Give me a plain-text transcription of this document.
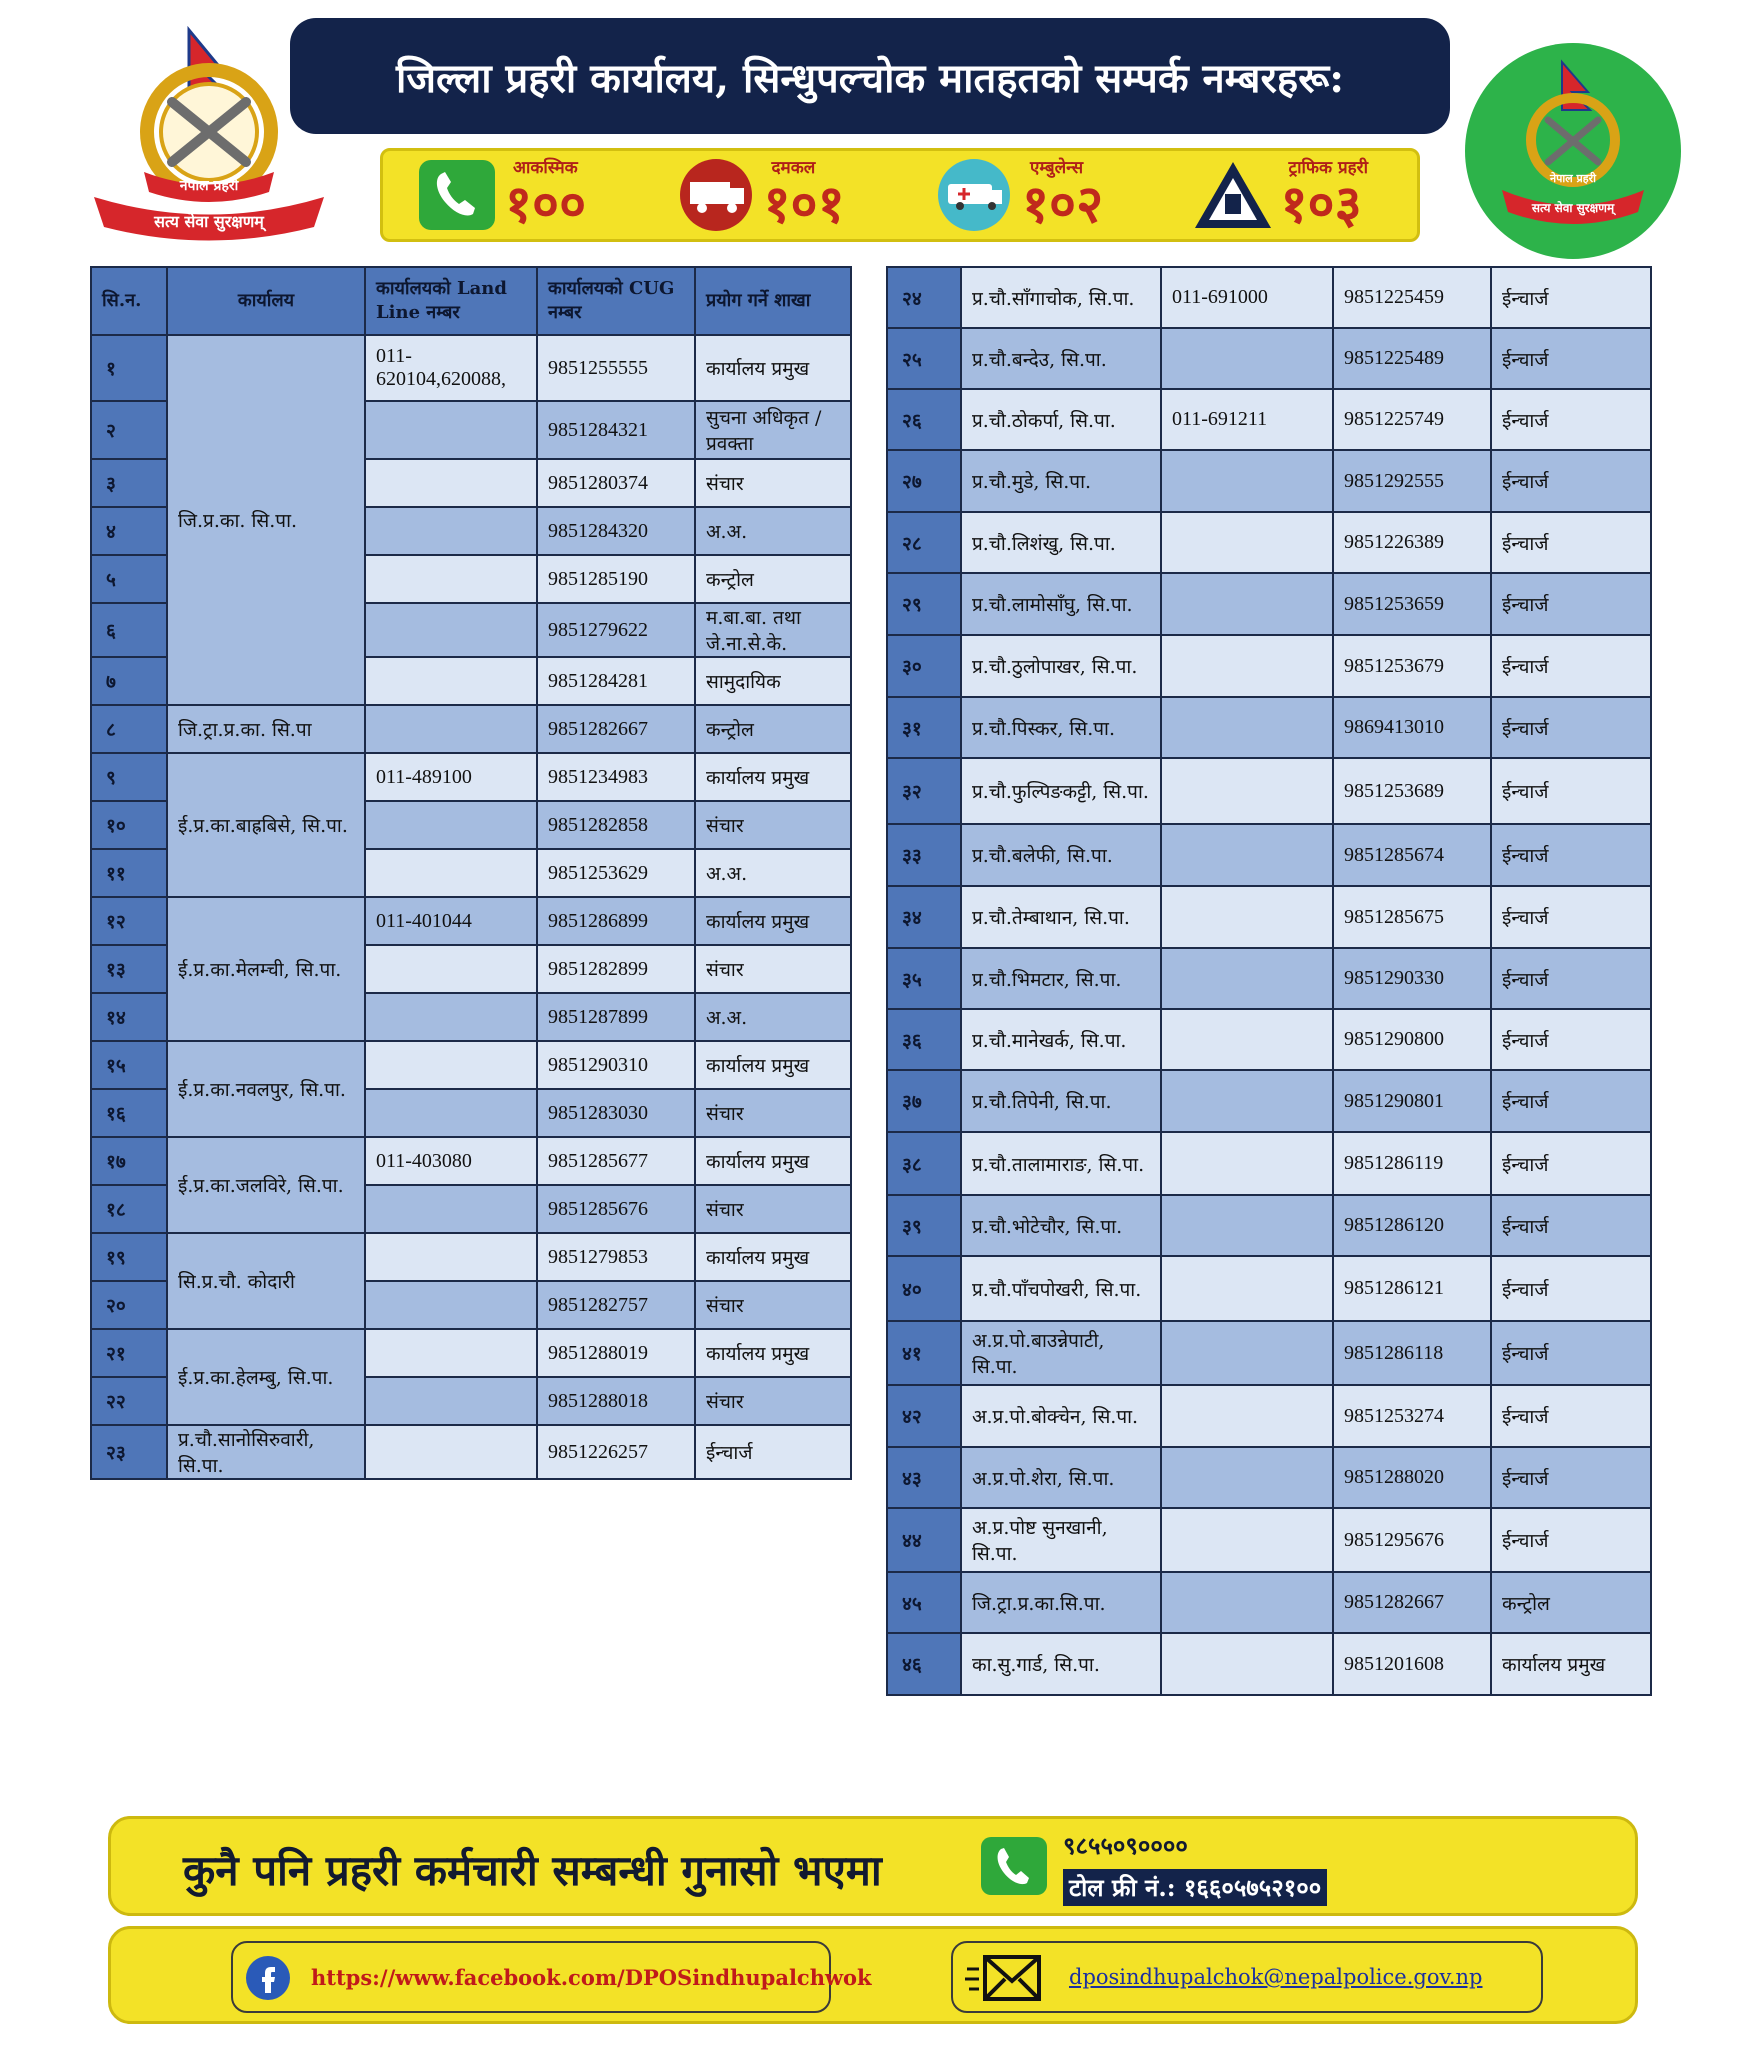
नेपाल प्रहरी
सत्य सेवा सुरक्षणम्
जिल्ला प्रहरी कार्यालय, सिन्धुपल्चोक मातहतको सम्पर्क नम्बरहरू:
नेपाल प्रहरी
सत्य सेवा सुरक्षणम्
आकस्मिक
१००
दमकल
१०१
एम्बुलेन्स
१०२
ट्राफिक प्रहरी
१०३
सि.न.	कार्यालय	कार्यालयको Land Line नम्बर	कार्यालयको CUG नम्बर	प्रयोग गर्ने शाखा
१	जि.प्र.का. सि.पा.	011-620104,620088,	9851255555	कार्यालय प्रमुख
२			9851284321	सुचना अधिकृत /प्रवक्ता
३			9851280374	संचार
४			9851284320	अ.अ.
५			9851285190	कन्ट्रोल
६			9851279622	म.बा.बा. तथा जे.ना.से.के.
७			9851284281	सामुदायिक
८	जि.ट्रा.प्र.का. सि.पा		9851282667	कन्ट्रोल
९	ई.प्र.का.बाह्रबिसे, सि.पा.	011-489100	9851234983	कार्यालय प्रमुख
१०			9851282858	संचार
११			9851253629	अ.अ.
१२	ई.प्र.का.मेलम्ची, सि.पा.	011-401044	9851286899	कार्यालय प्रमुख
१३			9851282899	संचार
१४			9851287899	अ.अ.
१५	ई.प्र.का.नवलपुर, सि.पा.		9851290310	कार्यालय प्रमुख
१६			9851283030	संचार
१७	ई.प्र.का.जलविरे, सि.पा.	011-403080	9851285677	कार्यालय प्रमुख
१८			9851285676	संचार
१९	सि.प्र.चौ. कोदारी		9851279853	कार्यालय प्रमुख
२०			9851282757	संचार
२१	ई.प्र.का.हेलम्बु, सि.पा.		9851288019	कार्यालय प्रमुख
२२			9851288018	संचार
२३	प्र.चौ.सानोसिरुवारी, सि.पा.		9851226257	ईन्चार्ज
२४	प्र.चौ.साँगाचोक, सि.पा.	011-691000	9851225459	ईन्चार्ज
२५	प्र.चौ.बन्देउ, सि.पा.		9851225489	ईन्चार्ज
२६	प्र.चौ.ठोकर्पा, सि.पा.	011-691211	9851225749	ईन्चार्ज
२७	प्र.चौ.मुडे, सि.पा.		9851292555	ईन्चार्ज
२८	प्र.चौ.लिशंखु, सि.पा.		9851226389	ईन्चार्ज
२९	प्र.चौ.लामोसाँघु, सि.पा.		9851253659	ईन्चार्ज
३०	प्र.चौ.ठुलोपाखर, सि.पा.		9851253679	ईन्चार्ज
३१	प्र.चौ.पिस्कर, सि.पा.		9869413010	ईन्चार्ज
३२	प्र.चौ.फुल्पिङकट्टी, सि.पा.		9851253689	ईन्चार्ज
३३	प्र.चौ.बलेफी, सि.पा.		9851285674	ईन्चार्ज
३४	प्र.चौ.तेम्बाथान, सि.पा.		9851285675	ईन्चार्ज
३५	प्र.चौ.भिमटार, सि.पा.		9851290330	ईन्चार्ज
३६	प्र.चौ.मानेखर्क, सि.पा.		9851290800	ईन्चार्ज
३७	प्र.चौ.तिपेनी, सि.पा.		9851290801	ईन्चार्ज
३८	प्र.चौ.तालामाराङ, सि.पा.		9851286119	ईन्चार्ज
३९	प्र.चौ.भोटेचौर, सि.पा.		9851286120	ईन्चार्ज
४०	प्र.चौ.पाँचपोखरी, सि.पा.		9851286121	ईन्चार्ज
४१	अ.प्र.पो.बाउन्नेपाटी, सि.पा.		9851286118	ईन्चार्ज
४२	अ.प्र.पो.बोक्चेन, सि.पा.		9851253274	ईन्चार्ज
४३	अ.प्र.पो.शेरा, सि.पा.		9851288020	ईन्चार्ज
४४	अ.प्र.पोष्ट सुनखानी, सि.पा.		9851295676	ईन्चार्ज
४५	जि.ट्रा.प्र.का.सि.पा.		9851282667	कन्ट्रोल
४६	का.सु.गार्ड, सि.पा.		9851201608	कार्यालय प्रमुख
कुनै पनि प्रहरी कर्मचारी सम्बन्धी गुनासो भएमा	९८५५०९००००
टोल फ्री नं.: १६६०५७५२१००
https://www.facebook.com/DPOSindhupalchwok	dposindhupalchok@nepalpolice.gov.np
